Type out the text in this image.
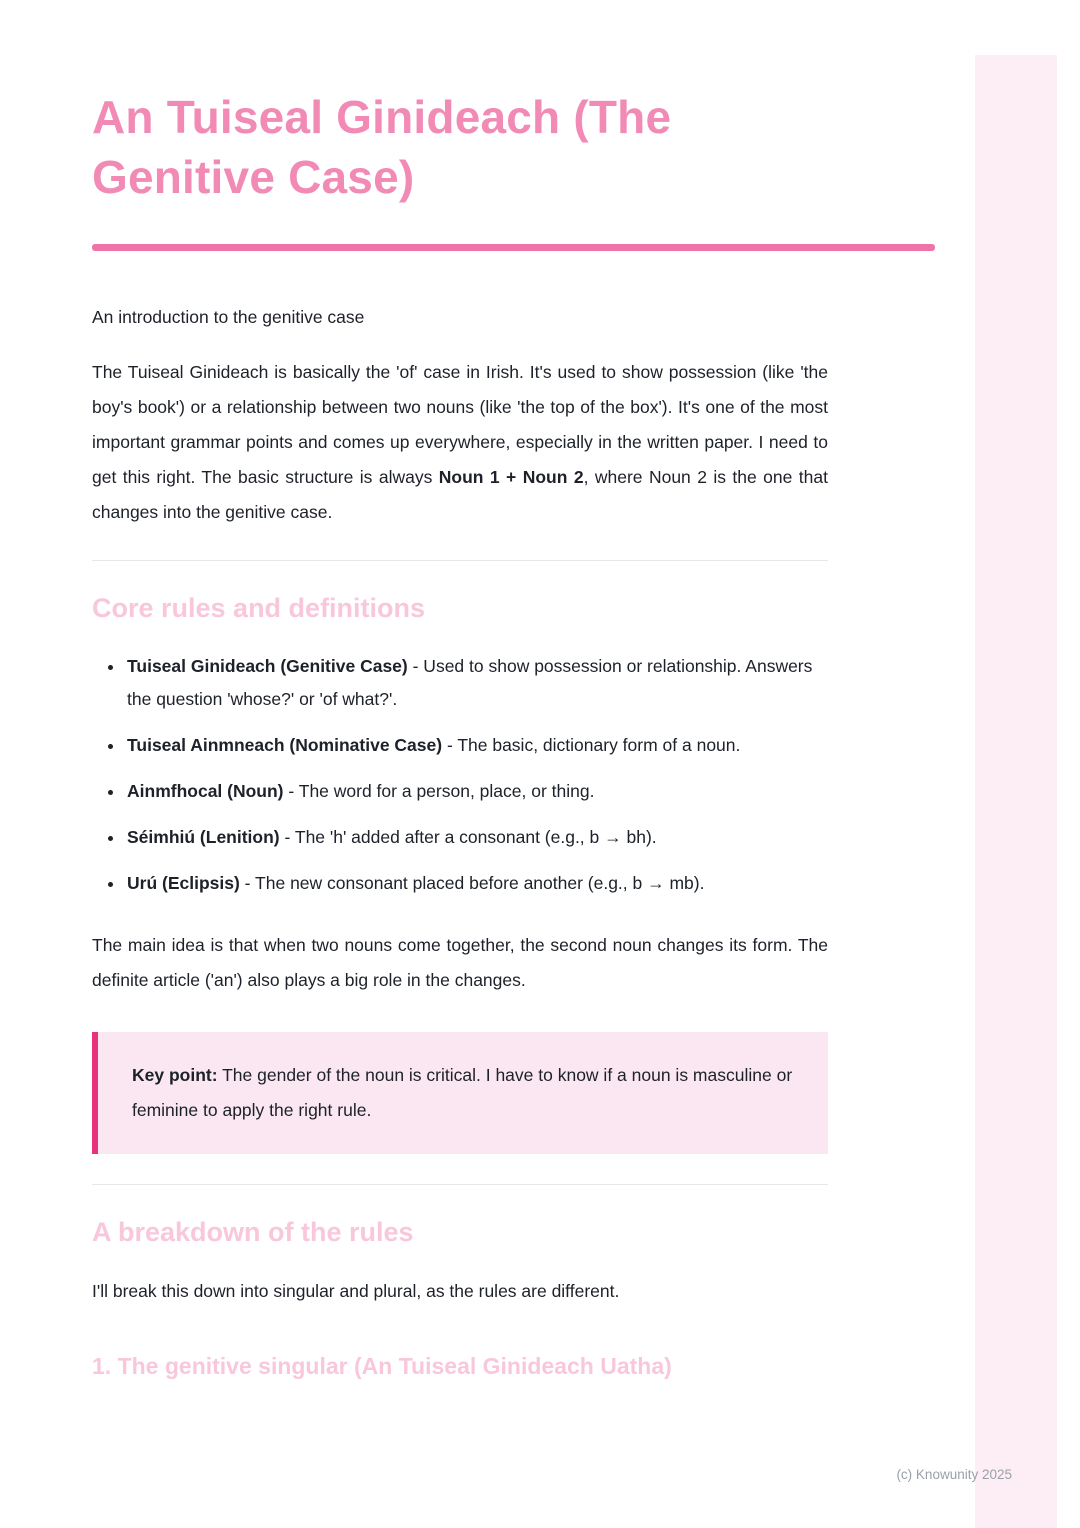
An Tuiseal Ginideach (The Genitive Case)

An introduction to the genitive case

The Tuiseal Ginideach is basically the 'of' case in Irish. It's used to show possession (like 'the boy's book') or a relationship between two nouns (like 'the top of the box'). It's one of the most important grammar points and comes up everywhere, especially in the written paper. I need to get this right. The basic structure is always Noun 1 + Noun 2, where Noun 2 is the one that changes into the genitive case.

Core rules and definitions
• Tuiseal Ginideach (Genitive Case) - Used to show possession or relationship. Answers the question 'whose?' or 'of what?'.
• Tuiseal Ainmneach (Nominative Case) - The basic, dictionary form of a noun.
• Ainmfhocal (Noun) - The word for a person, place, or thing.
• Séimhiú (Lenition) - The 'h' added after a consonant (e.g., b → bh).
• Urú (Eclipsis) - The new consonant placed before another (e.g., b → mb).

The main idea is that when two nouns come together, the second noun changes its form. The definite article ('an') also plays a big role in the changes.

Key point: The gender of the noun is critical. I have to know if a noun is masculine or feminine to apply the right rule.

A breakdown of the rules

I'll break this down into singular and plural, as the rules are different.

1. The genitive singular (An Tuiseal Ginideach Uatha)
(c) Knowunity 2025
